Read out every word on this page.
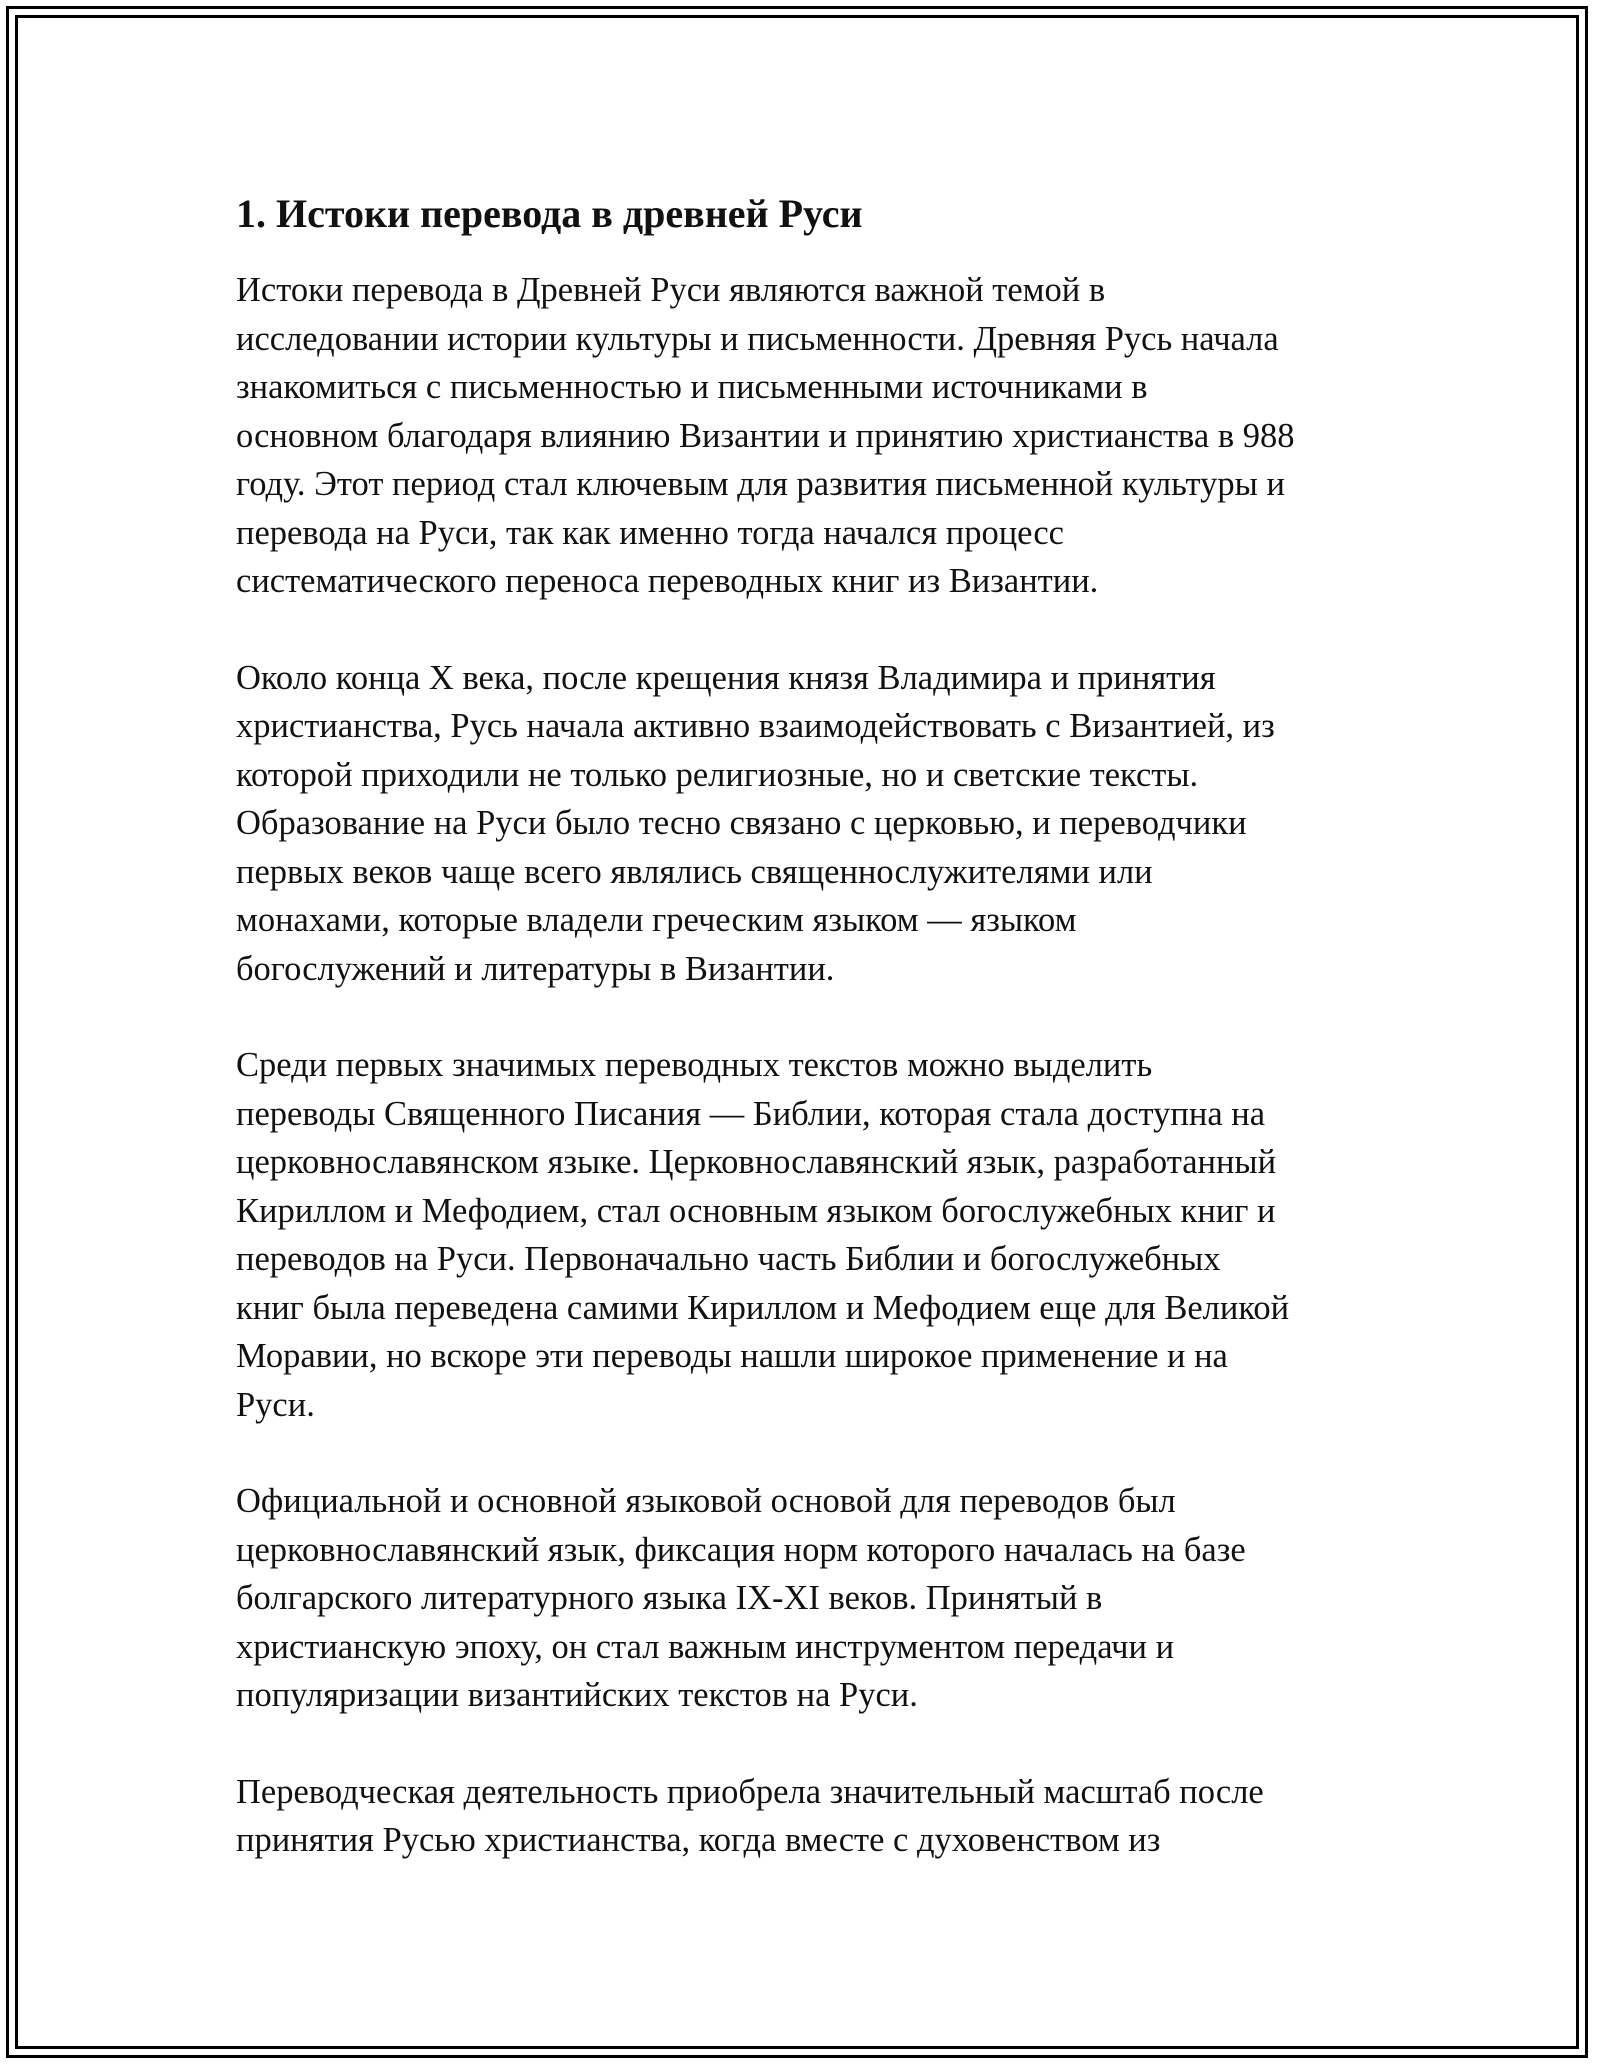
1. Истоки перевода в древней Руси

Истоки перевода в Древней Руси являются важной темой в
исследовании истории культуры и письменности. Древняя Русь начала
знакомиться с письменностью и письменными источниками в
основном благодаря влиянию Византии и принятию христианства в 988
году. Этот период стал ключевым для развития письменной культуры и
перевода на Руси, так как именно тогда начался процесс
систематического переноса переводных книг из Византии.

Около конца X века, после крещения князя Владимира и принятия
христианства, Русь начала активно взаимодействовать с Византией, из
которой приходили не только религиозные, но и светские тексты.
Образование на Руси было тесно связано с церковью, и переводчики
первых веков чаще всего являлись священнослужителями или
монахами, которые владели греческим языком — языком
богослужений и литературы в Византии.

Среди первых значимых переводных текстов можно выделить
переводы Священного Писания — Библии, которая стала доступна на
церковнославянском языке. Церковнославянский язык, разработанный
Кириллом и Мефодием, стал основным языком богослужебных книг и
переводов на Руси. Первоначально часть Библии и богослужебных
книг была переведена самими Кириллом и Мефодием еще для Великой
Моравии, но вскоре эти переводы нашли широкое применение и на
Руси.

Официальной и основной языковой основой для переводов был
церковнославянский язык, фиксация норм которого началась на базе
болгарского литературного языка IX-XI веков. Принятый в
христианскую эпоху, он стал важным инструментом передачи и
популяризации византийских текстов на Руси.

Переводческая деятельность приобрела значительный масштаб после
принятия Русью христианства, когда вместе с духовенством из
